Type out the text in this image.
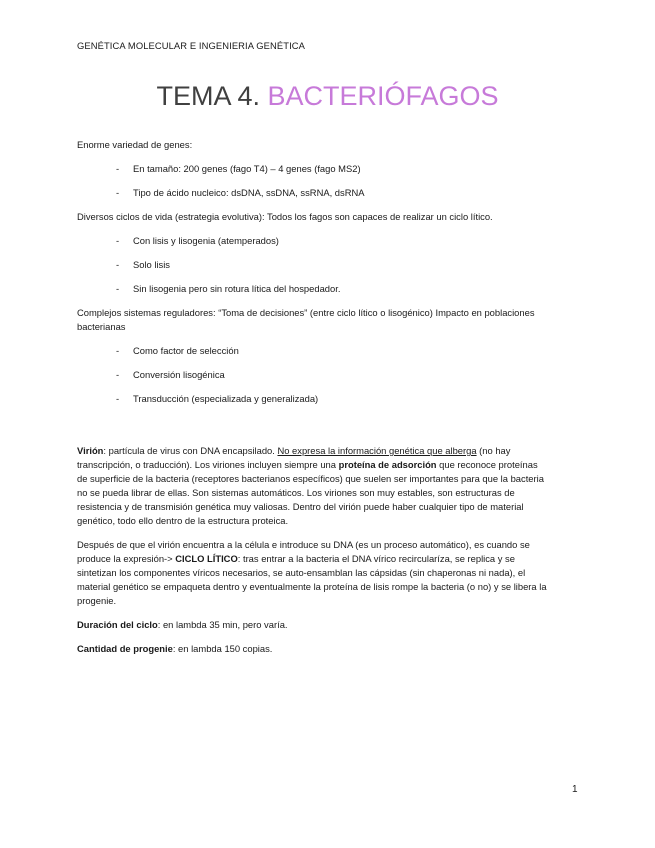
GENÉTICA MOLECULAR E INGENIERIA GENÉTICA
TEMA 4. BACTERIÓFAGOS

Enorme variedad de genes:

- En tamaño: 200 genes (fago T4) – 4 genes (fago MS2)
- Tipo de ácido nucleico: dsDNA, ssDNA, ssRNA, dsRNA

Diversos ciclos de vida (estrategia evolutiva): Todos los fagos son capaces de realizar un ciclo lítico.

- Con lisis y lisogenia (atemperados)
- Solo lisis
- Sin lisogenia pero sin rotura lítica del hospedador.

Complejos sistemas reguladores: “Toma de decisiones” (entre ciclo lítico o lisogénico) Impacto en poblaciones bacterianas

- Como factor de selección
- Conversión lisogénica
- Transducción (especializada y generalizada)

Virión: partícula de virus con DNA encapsilado. No expresa la información genética que alberga (no hay transcripción, o traducción). Los viriones incluyen siempre una proteína de adsorción que reconoce proteínas de superficie de la bacteria (receptores bacterianos específicos) que suelen ser importantes para que la bacteria no se pueda librar de ellas. Son sistemas automáticos. Los viriones son muy estables, son estructuras de resistencia y de transmisión genética muy valiosas. Dentro del virión puede haber cualquier tipo de material genético, todo ello dentro de la estructura proteica.

Después de que el virión encuentra a la célula e introduce su DNA (es un proceso automático), es cuando se produce la expresión-> CICLO LÍTICO: tras entrar a la bacteria el DNA vírico recircularíza, se replica y se sintetizan los componentes víricos necesarios, se auto-ensamblan las cápsidas (sin chaperonas ni nada), el material genético se empaqueta dentro y eventualmente la proteína de lisis rompe la bacteria (o no) y se libera la progenie.

Duración del ciclo: en lambda 35 min, pero varía.

Cantidad de progenie: en lambda 150 copias.

1
